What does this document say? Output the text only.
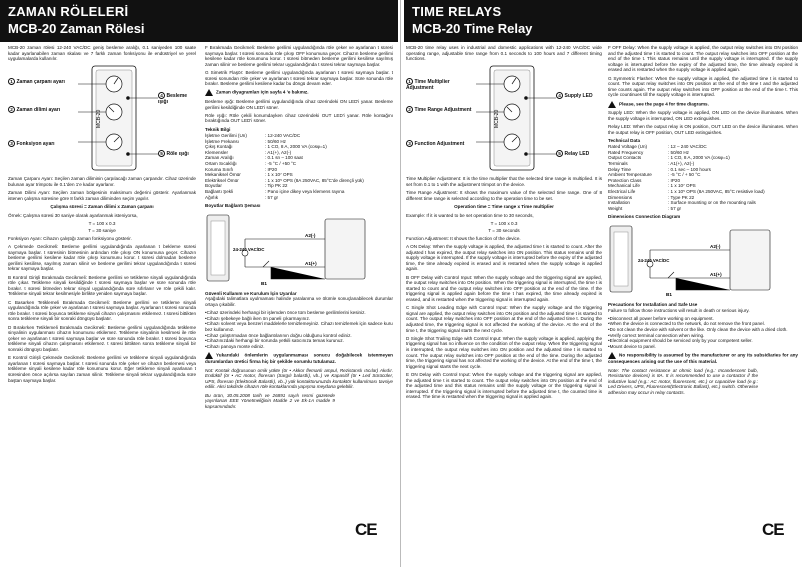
ZAMAN RÖLELERİ
MCB-20 Zaman Rölesi

MCB-20 zaman rölesi 12-240 VAC/DC geniş besleme aralığı, 0.1 saniyeden 100 saate kadar ayarlanabilen zaman skalası ve 7 farklı zaman fonksiyonu ile endüstriyel ve yerel uygulamalarda kullanılır.

MCB-20
1 Zaman çarpanı ayarı
2 Zaman dilimi ayarı
3 Fonksiyon ayarı
4 Besleme ışığı
5 Röle ışığı

Zaman Çarpanı Ayarı: Seçilen zaman diliminin çarpılacağı zaman çarpandır. Cihaz üzerinde bulunan ayar trimpotu ile 0.1'den 1'e kadar ayarlanır.

Zaman Dilimi Ayarı: Seçilen zaman bölgesinin maksimum değerini gösterir. Ayarlanmak istenen çalışma süresine göre 8 farklı zaman diliminden seçim yapılır.

Çalışma süresi = Zaman dilimi x Zaman çarpanı

Örnek: Çalışma süresi 30 saniye olarak ayarlanmak isteniyorsa,

T = 100 x 0.3
T = 30 saniye

Fonksiyon Ayarı: Cihazın çalıştığı zaman fonksiyonu gösterir.

A Çekmede Gecikmeli: Besleme gerilimi uygulandığında ayarlanan t bekleme süresi saymaya başlar. t süresinin bitmesinin ardından röle çıkışı ON konumuna geçer. Cihazın besleme gerilimi kesilene kadar röle çıkışı konumunu korur. t süresi dolmadan besleme gerilimi kesilirse, sayılmış zaman silinir ve besleme gerilimi tekrar uygulandığında t süresi tekrar saymaya başlar.

B Kontrol Girişli Bırakmada Gecikmeli: Besleme gerilimi ve tetikleme sinyali uygulandığında röle çıkar. Tetikleme sinyali kesildiğinde t süresi saymaya başlar ve süre sonunda röle bırakır. t süresi bitmeden tekrar sinyal uygulandığında süre sıfırlanır ve röle çekili kalır. Tetikleme sinyali tekrar kesilmesiyle birlikte yeniden saymaya başlar.

C Basarken Tetiklemeli Bırakmada Gecikmeli: Besleme gerilimi ve tetikleme sinyali uygulandığında röle çeker ve ayarlanan t süresi saymaya başlar. Ayarlanan t süresi sonunda röle bırakır. t süresi boyunca tetikleme sinyali cihazın çalışmasını etkilemez. t süresi bittikten sonra tetikleme sinyali bir sonraki döngüyü başlatır.

D Bırakırken Tetiklemeli Bırakmada Gecikmeli: Besleme gerilimi uygulandığında tetikleme sinyalinin uygulanması cihazın konumunu etkilemez. Tetikleme sinyalinin kesilmesi ile röle çeker ve ayarlanan t süresi saymaya başlar ve süre sonunda röle bırakır. t süresi boyunca tetikleme sinyali cihazın çalışmasını etkilemez. t süresi bittikten sonra tetikleme sinyali bir sonraki döngüyü başlatır.

E Kontrol Girişli Çekmede Gecikmeli: Besleme gerilimi ve tetikleme sinyali uygulandığında ayarlanan t süresi saymaya başlar. t süresi sonunda röle çeker ve cihazın beslemesi veya tetikleme sinyali kesilene kadar röle konumunu korur. Eğer tetikleme sinyali ayarlanan t süresinden önce açılırsa sayılan zaman silinir. Tetikleme sinyali tekrar uygulandığında süre baştan saymaya başlar.

F Bırakmada Gecikmeli: Besleme gerilimi uygulandığında röle çeker ve ayarlanan t süresi saymaya başlar. t süresi sonunda röle çıkışı OFF konumuna geçer. Cihazın besleme gerilimi kesilene kadar röle konumunu korur. t süresi bitmeden besleme gerilimi kesilirse sayılmış zaman silinir ve besleme gerilimi tekrar uygulandığında t süresi tekrar saymaya başlar.

G Simetrik Flaşör: Besleme gerilimi uygulandığında ayarlanan t süresi saymaya başlar. t süresi sonundan röle çeker ve ayarlanan t süresi tekrar saymaya başlar. Süre sonunda röle bırakır. Besleme gerilimi kesilene kadar bu döngü devam eder.

Zaman diyagramları için sayfa 4 'e bakınız.

Besleme ışığı: Besleme gerilimi uygulandığında cihaz üzerindeki ON LED'i yanar. Besleme gerilimi kesildiğinde ON LED'i söner.

Röle ışığı: Röle çekili konumdayken cihaz üzerindeki OUT LED'i yanar. Röle kontağını bıraktığında OUT LED'i söner.

Teknik Bilgi
İşletme Gerilimi (Un)	: 12-240 VAC/DC
İşletme Frekansı	: 50/60 Hz
Çıkış Kontağı	: 1 CO, 8 A, 2000 VA (cosφ=1)
Klemensler	: A1(+), A2(-)
Zaman Aralığı	: 0.1 sn – 100 saat
Ortam Sıcaklığı	: -5 °C / +50 °C
Koruma Sınıfı	: IP20
Mekaniksel Ömür	: 1 x 10⁷ OPS
Elektriksel Ömür	: 1 x 10⁵ OPS (8A 250VAC, 85°C'de dirençli yük)
Boyutlar	: Tip PK 22
Bağlantı Şekli	: Pano içine dikey veya klemens rayına
Ağırlık	: 57 gr
Boyutlar Bağlantı Şeması
24-240 VAC/DC
A2(-)
A1(+)
B1
Güvenli Kullanım ve Kurulum İçin Uyarılar

Aşağıdaki talimatlara uyulmaması halinde yaralanma ve ölümle sonuçlanabilecek durumlar ortaya çıkabilir.

• Cihaz üzerindeki herhangi bir işlemden önce tüm besleme gerilimlerini kesiniz.
• Cihazı şebekeye bağlı iken ön paneli çıkarmayınız.
• Cihazı solvent veya benzeri maddelerle temizlemeyiniz. Cihazı temizlemek için sadece kuru bez kullanınız.
• Cihaz çalıştırmadan önce bağlantılarının doğru olduğunu kontrol ediniz.
• Cihazınızdaki herhangi bir sorunda yetkili satıcınıza temas kurunuz.
• Cihazı panoya monte ediniz.

Yukarıdaki önlemlerin uygulanmaması sonucu doğabilecek istenmeyen durumlardan üretici firma hiç bir şekilde sorumlu tutulamaz.

Not: Kontak doğrusunun omik yükte (ör • Akkor flemanlı ampul, Rezistanslı ıtıcılar) Akıdır. Endüktif (ör • AC motor, floresan (Sargılı balastlı), vb..) ve Kapasitif (ör • Led Sürücüler, UPS, floresan (Elektronik Balastlı), vb..) yük kontaktorunuzda kontaktör kullanılması tavsiye edilir. Aksi takdirde cihazın röle kontaklarında yapışma meydana gelebilir.

Bu ürün, 30.05.2008 tarih ve 26891 sayılı resmi gazetede yayınlanan EEE Yönetmeliğinin Madde 2 ve Ek-1A madde 9 kapsamındadır.

CE
TIME RELAYS
MCB-20 Time Relay

MCB-20 time relay uses in industrial and domestic applications with 12-240 VAC/DC wide operating range, adjustable time range from 0.1 seconds to 100 hours and 7 different timing functions.

MCB-20
1 Time Multiplier Adjustment
2 Time Range Adjustment
3 Function Adjustment
4 Supply LED
5 Relay LED

Time Multiplier Adjustment: It is the time multiplier that the selected time range is multiplied. It is set from 0.1 to 1 with the adjustment trimpot on the device.

Time Range Adjustment: It shows the maximum value of the selected time range. One of 8 different time range is selected according to the operation time to be set.

Operation time = Time range x Time multiplier

Example: If it is wanted to be set operation time to 30 seconds,

T = 100 x 0.3
T = 30 seconds

Function Adjustment: It shows the function of the device.

A ON Delay: When the supply voltage is applied, the adjusted time t is started to count. After the adjusted t has expired, the output relay switches into ON position. This status remains until the supply voltage is interrupted. If the supply voltage is interrupted before the expiry of the adjusted time, the time already expired is erased and is restarted when the supply voltage is applied again.

B OFF Delay with Control Input: When the supply voltage and the triggering signal are applied, the output relay switches into ON position. When the triggering signal is interrupted, the time t is started to count and the output relay switches into OFF position at the end of the time. If the triggering signal is applied again before the time t has expired, the time already expired is erased, and is restarted when the triggering signal is interrupted again.

C Single Shot Leading Edge with Control Input: When the supply voltage and the triggering signal are applied, the output relay switches into ON position and the adjusted time t is started to count. The output relay switches into OFF position at the end of the adjusted time t. During the adjusted time, the triggering signal is not affected the working of the device. At the end of the time t, the triggering signal starts the next cycle.

D Single Shot Trailing Edge with Control Input: When the supply voltage is applied, applying the triggering signal has no influence on the condition of the output relay. When the triggering signal is interrupted, the output relay switches into ON position and the adjusted time t is started to count. The output relay switches into OFF position at the end of the time. During the adjusted time, the triggering signal has not affected the working of the device. At the end of the time t, the triggering signal starts the next cycle.

E ON Delay with Control Input: When the supply voltage and the triggering signal are applied, the adjusted time t is started to count. The output relay switches into ON position at the end of the adjusted time and this status remains until the supply voltage or the triggering signal is interrupted. If the triggering signal is interrupted before the adjusted time t, the counted time is erased. The time is restarted when the triggering signal is applied again.

F OFF Delay: When the supply voltage is applied, the output relay switches into ON position and the adjusted time t is started to count. The output relay switches into OFF position at the end of the time t. This status remains until the supply voltage is interrupted. If the supply voltage is interrupted before the expiry of the adjusted time, the time already expired is erased and is restarted when the supply voltage is applied again.

G Symmetric Flasher: When the supply voltage is applied, the adjusted time t is started to count. The output relay switches into ON position at the end of the time t and the adjusted time counts again. The output relay switches into OFF position at the end of the time t. This cycle countinues till the supply voltage is interrupted.

Please, see the page 4 for time diagrams.

Supply LED: When the supply voltage is applied, ON LED on the device illuminates. When the supply voltage is interrupted, ON LED extinguishes.

Relay LED: When the output relay is ON position, OUT LED on the device illuminates. When the output relay is OFF position, OUT LED extinguishes.

Technical Data
Rated Voltage (Un)	: 12 – 240 VAC/DC
Rated Frequency	: 50/60 Hz
Output Contacts	: 1 CO, 8 A, 2000 VA (cosφ=1)
Terminals	: A1(+), A2(-)
Delay Time	: 0.1 sec – 100 hours
Ambient Temperature	: -5 °C / + 50 °C
Protection Class	: IP20
Mechanical Life	: 1 x 10⁷ OPS
Electrical Life	: 1 x 10⁵ OPS (8A 250VAC, 85°C resistive load)
Dimensions	: Type PK 22
Installation	: Surface mounting or on the mounting rails
Weight	: 57 gr
Dimensions Connection Diagram
24-240 VAC/DC
A2(-)
A1(+)
B1
Precautions for Installation and Safe Use

Failure to follow those instructions will result in death or serious injury.

• Disconnect all power before working on equipment.
• When the device is connected to the network, do not remove the front panel.
• Do not clean the device with solvent or the like. Only clean the device with a dried cloth.
• Verify correct terminal connection when wiring.
• Electrical equipment should be serviced only by your competent seller.
• Mount device to panel.

No responsibility is assumed by the manufacturer or any its subsidiaries for any consequences arising out the use of this material.

Note: The contact resistance at ohmic load (e.g.: Incandescent bulb, Resistance devices) is 8A. It is recommended to use a contactor if the inductive load (e.g.: AC motor, fluorescent, etc.) or capacitive load (e.g.: Led Drivers, UPS, Fluorescent(Electronic Ballast), etc.) switch. Otherwise adhesion may occur in relay contacts.

CE
